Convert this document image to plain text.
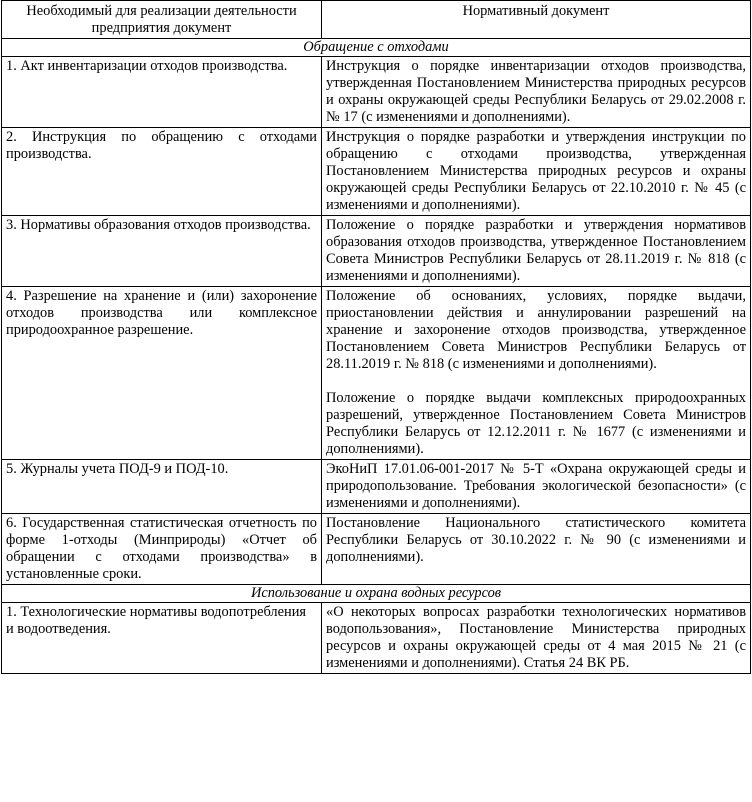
Необходимый для реализации деятельности предприятия документ	Нормативный документ
Обращение с отходами	
1. Акт инвентаризации отходов производства.	Инструкция о порядке инвентаризации отходов производства, утвержденная Постановлением Министерства природных ресурсов и охраны окружающей среды Республики Беларусь от 29.02.2008 г. № 17 (с изменениями и дополнениями).

2. Инструкция по обращению с отходами производства.	Инструкция о порядке разработки и утверждения инструкции по обращению с отходами производства, утвержденная Постановлением Министерства природных ресурсов и охраны окружающей среды Республики Беларусь от 22.10.2010 г. № 45 (с изменениями и дополнениями).

3. Нормативы образования отходов производства.	Положение о порядке разработки и утверждения нормативов образования отходов производства, утвержденное Постановлением Совета Министров Республики Беларусь от 28.11.2019 г. № 818 (с изменениями и дополнениями).

4. Разрешение на хранение и (или) захоронение отходов производства или комплексное природоохранное разрешение.	Положение об основаниях, условиях, порядке выдачи, приостановлении действия и аннулировании разрешений на хранение и захоронение отходов производства, утвержденное Постановлением Совета Министров Республики Беларусь от 28.11.2019 г. № 818 (с изменениями и дополнениями).

Положение о порядке выдачи комплексных природоохранных разрешений, утвержденное Постановлением Совета Министров Республики Беларусь от 12.12.2011 г. № 1677 (с изменениями и дополнениями).

5. Журналы учета ПОД-9 и ПОД-10.	ЭкоНиП 17.01.06-001-2017 № 5-Т «Охрана окружающей среды и природопользование. Требования экологической безопасности» (с изменениями и дополнениями).

6. Государственная статистическая отчетность по форме 1-отходы (Минприроды) «Отчет об обращении с отходами производства» в установленные сроки.	Постановление Национального статистического комитета Республики Беларусь от 30.10.2022 г. № 90 (с изменениями и дополнениями).

Использование и охрана водных ресурсов	
1. Технологические нормативы водопотребления и водоотведения.	«О некоторых вопросах разработки технологических нормативов водопользования», Постановление Министерства природных ресурсов и охраны окружающей среды от 4 мая 2015 № 21 (с изменениями и дополнениями). Статья 24 ВК РБ.
